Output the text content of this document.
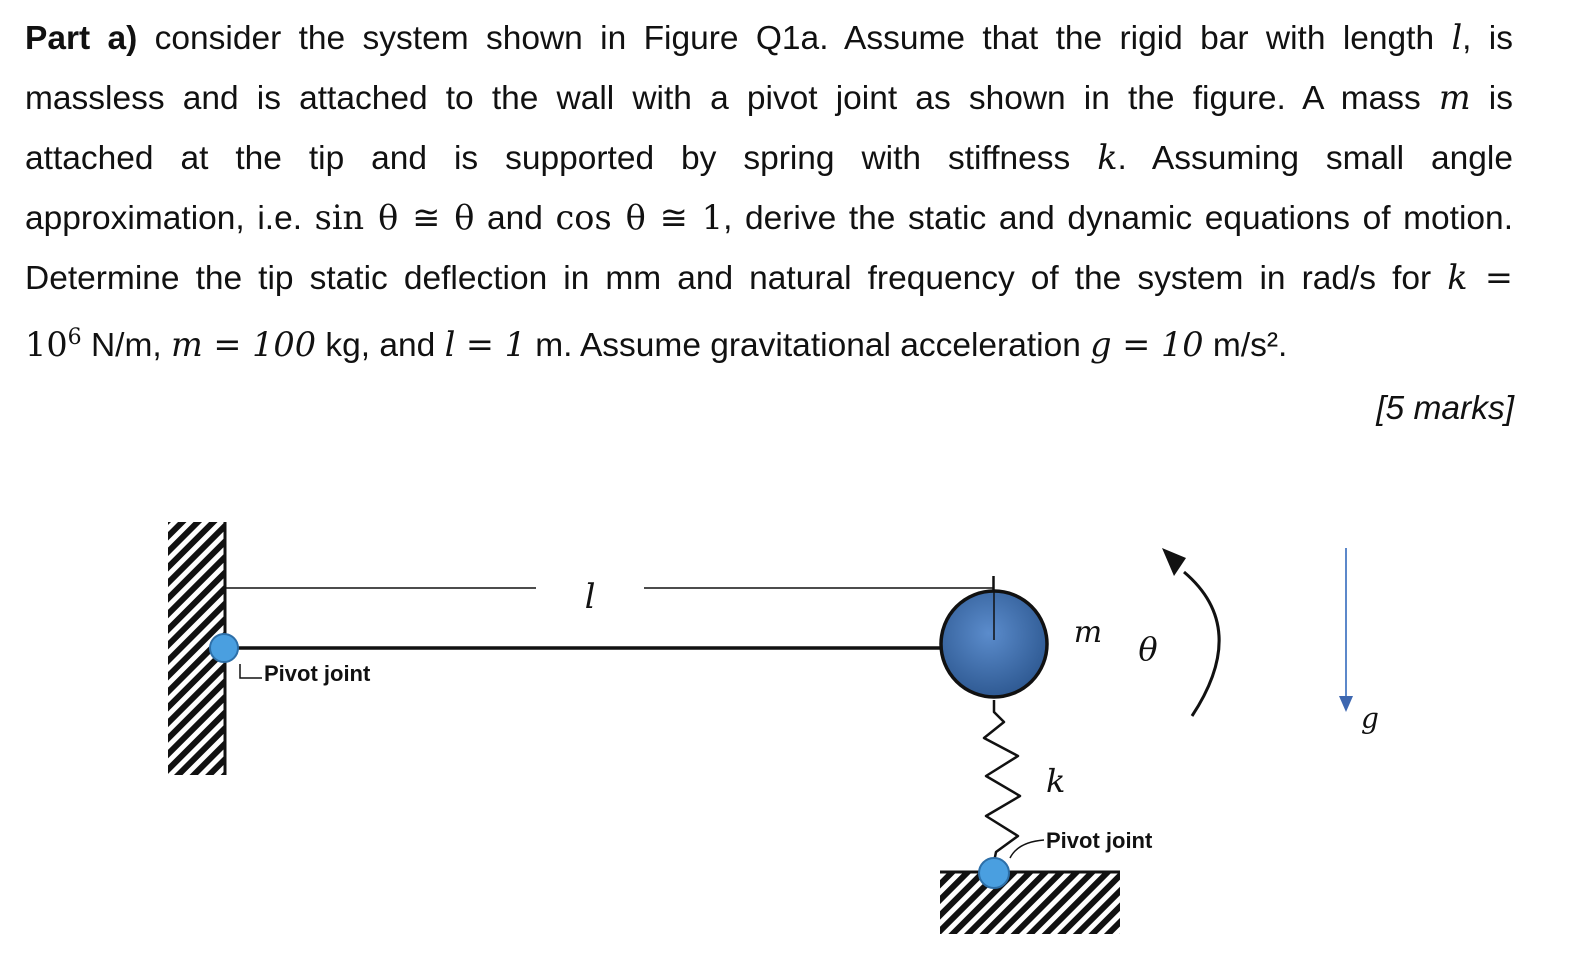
Part a) consider the system shown in Figure Q1a. Assume that the rigid bar with length l, is
massless and is attached to the wall with a pivot joint as shown in the figure. A mass m is
attached at the tip and is supported by spring with stiffness k. Assuming small angle
approximation, i.e. sin θ ≅ θ and cos θ ≅ 1, derive the static and dynamic equations of motion.
Determine the tip static deflection in mm and natural frequency of the system in rad/s for k =
$10^6$ N/m, m = 100 kg, and l = 1 m. Assume gravitational acceleration g = 10 m/s².
[5 marks]
l
Pivot joint
k
Pivot joint
m θ
g
